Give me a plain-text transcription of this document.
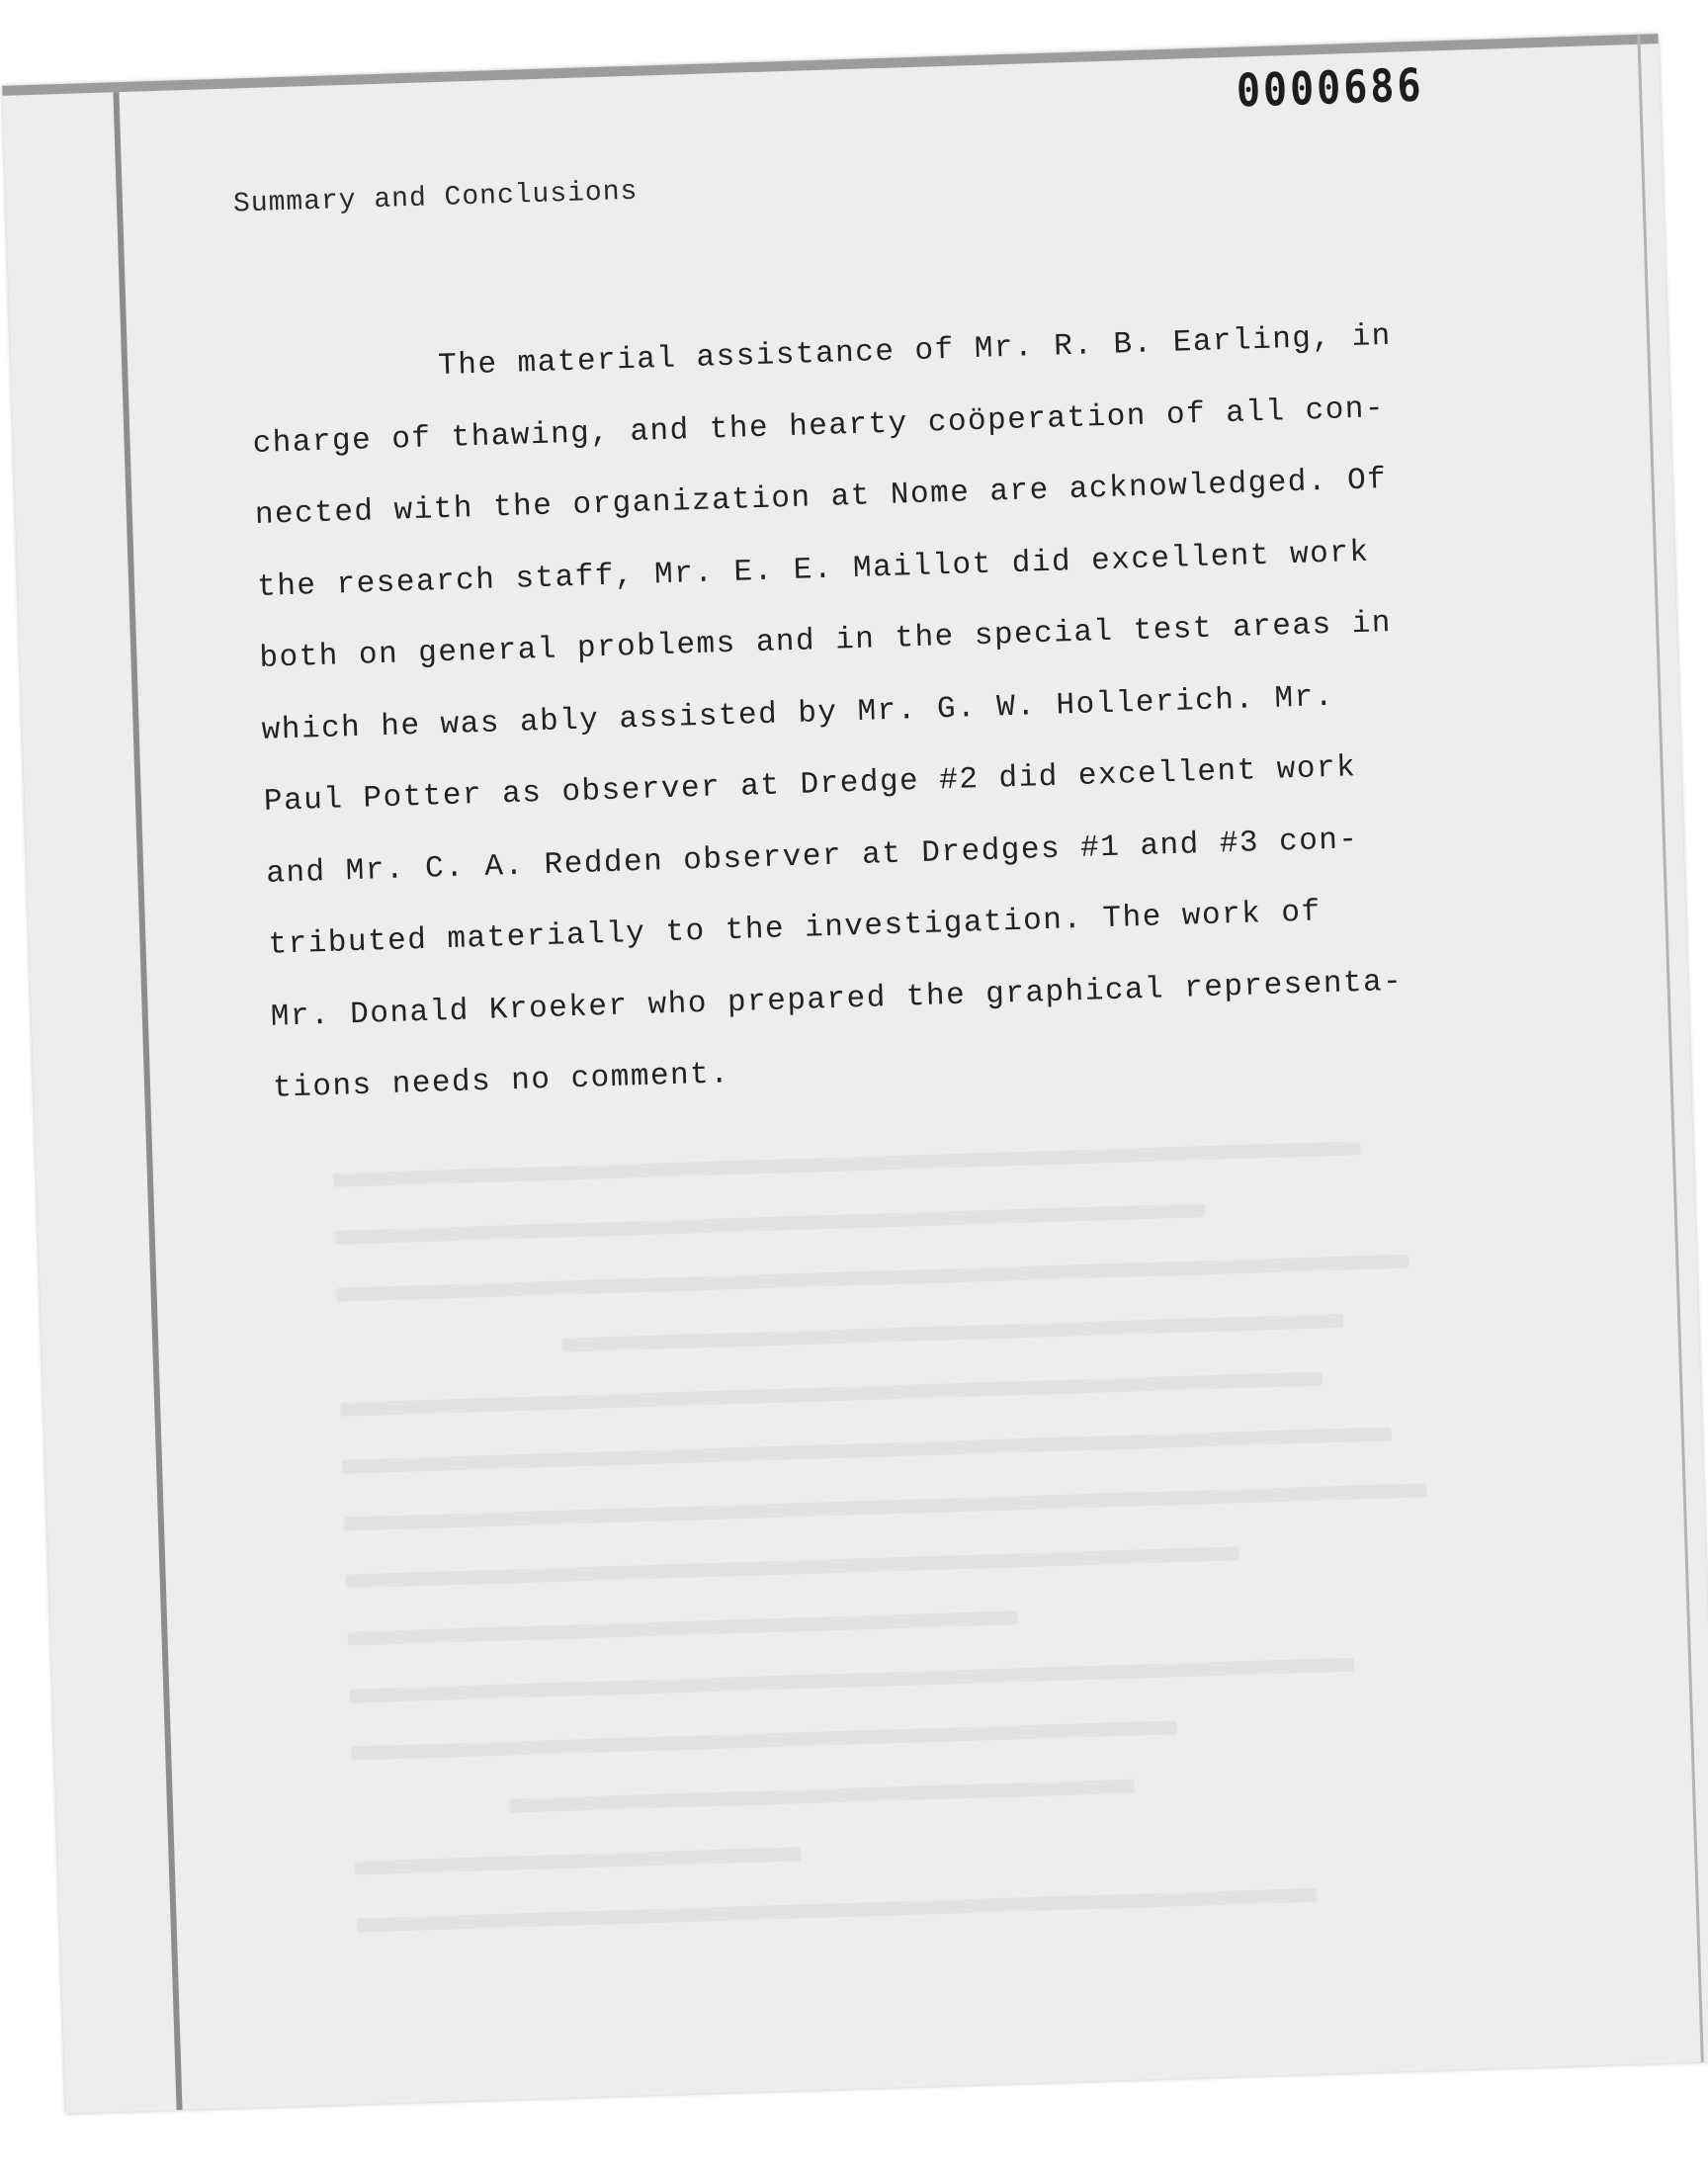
0000686
Summary and Conclusions

The material assistance of Mr. R. B. Earling, in
charge of thawing, and the hearty coöperation of all con-
nected with the organization at Nome are acknowledged. Of
the research staff, Mr. E. E. Maillot did excellent work
both on general problems and in the special test areas in
which he was ably assisted by Mr. G. W. Hollerich. Mr.
Paul Potter as observer at Dredge #2 did excellent work
and Mr. C. A. Redden observer at Dredges #1 and #3 con-
tributed materially to the investigation. The work of
Mr. Donald Kroeker who prepared the graphical representa-
tions needs no comment.
